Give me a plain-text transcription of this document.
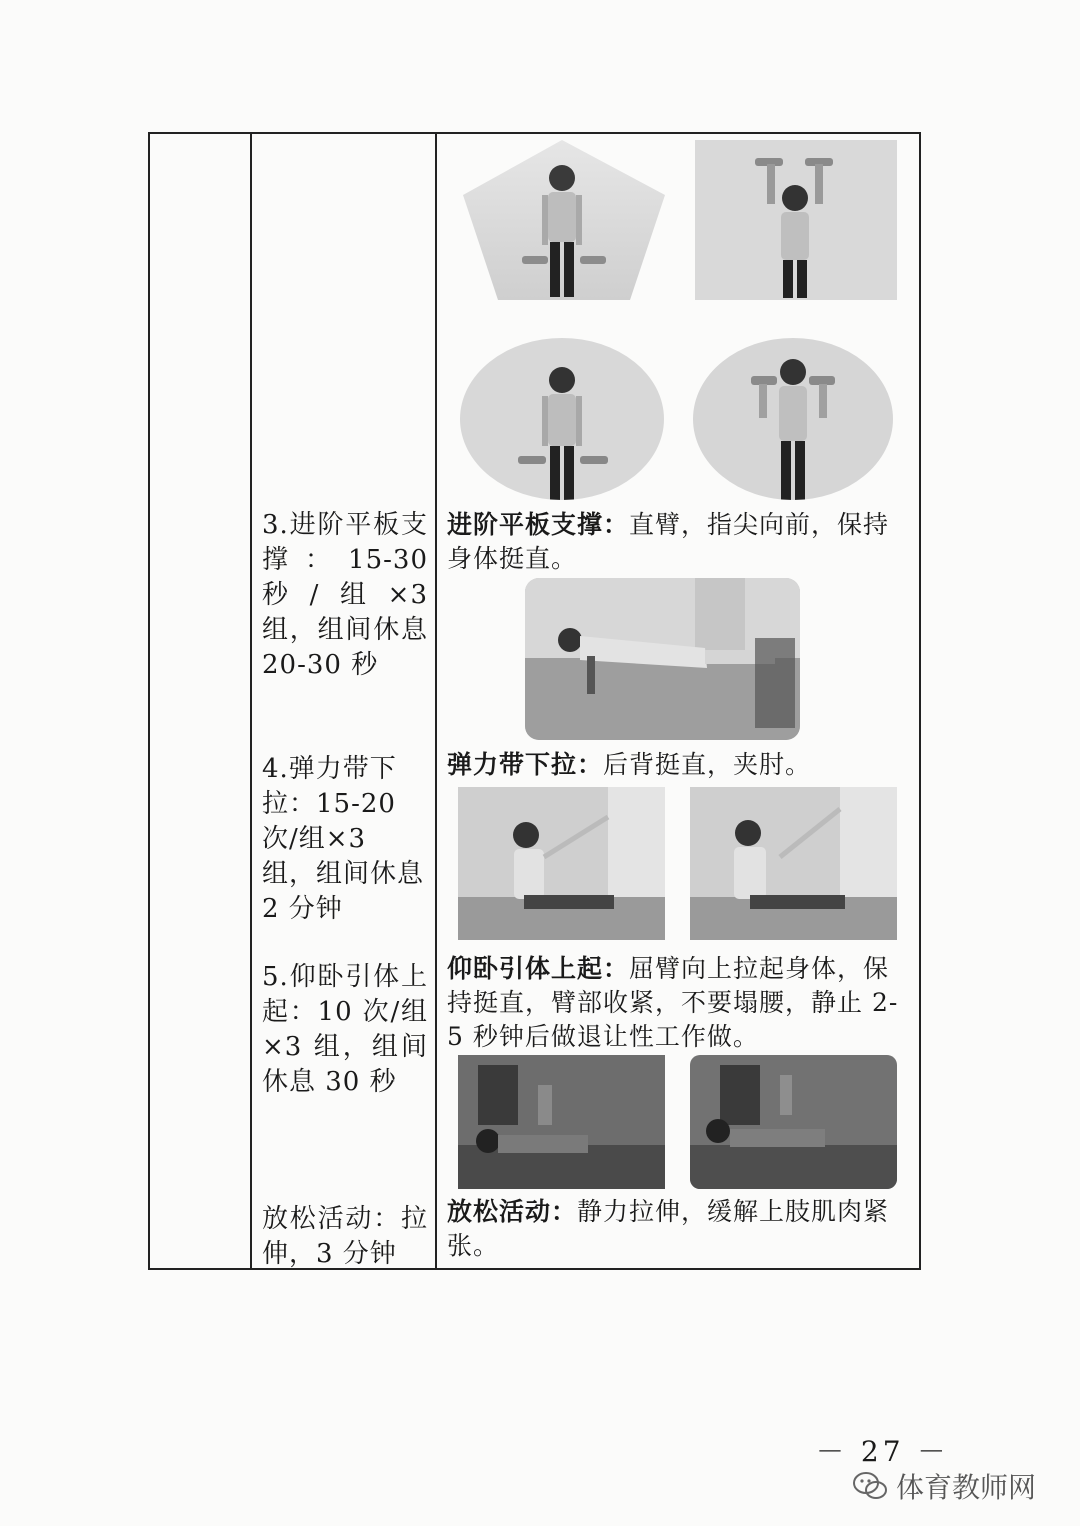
3.进阶平板支撑：15-30 秒/组×3 组，组间休息 20-30 秒
进阶平板支撑：直臂，指尖向前，保持身体挺直。
4.弹力带下拉：15-20 次/组×3 组，组间休息 2 分钟
弹力带下拉：后背挺直，夹肘。
5.仰卧引体上起：10 次/组×3 组，组间休息 30 秒
仰卧引体上起：屈臂向上拉起身体，保持挺直，臂部收紧，不要塌腰，静止 2-5 秒钟后做退让性工作做。
放松活动：拉伸，3 分钟
放松活动：静力拉伸，缓解上肢肌肉紧张。
－ 27 －
体育教师网
